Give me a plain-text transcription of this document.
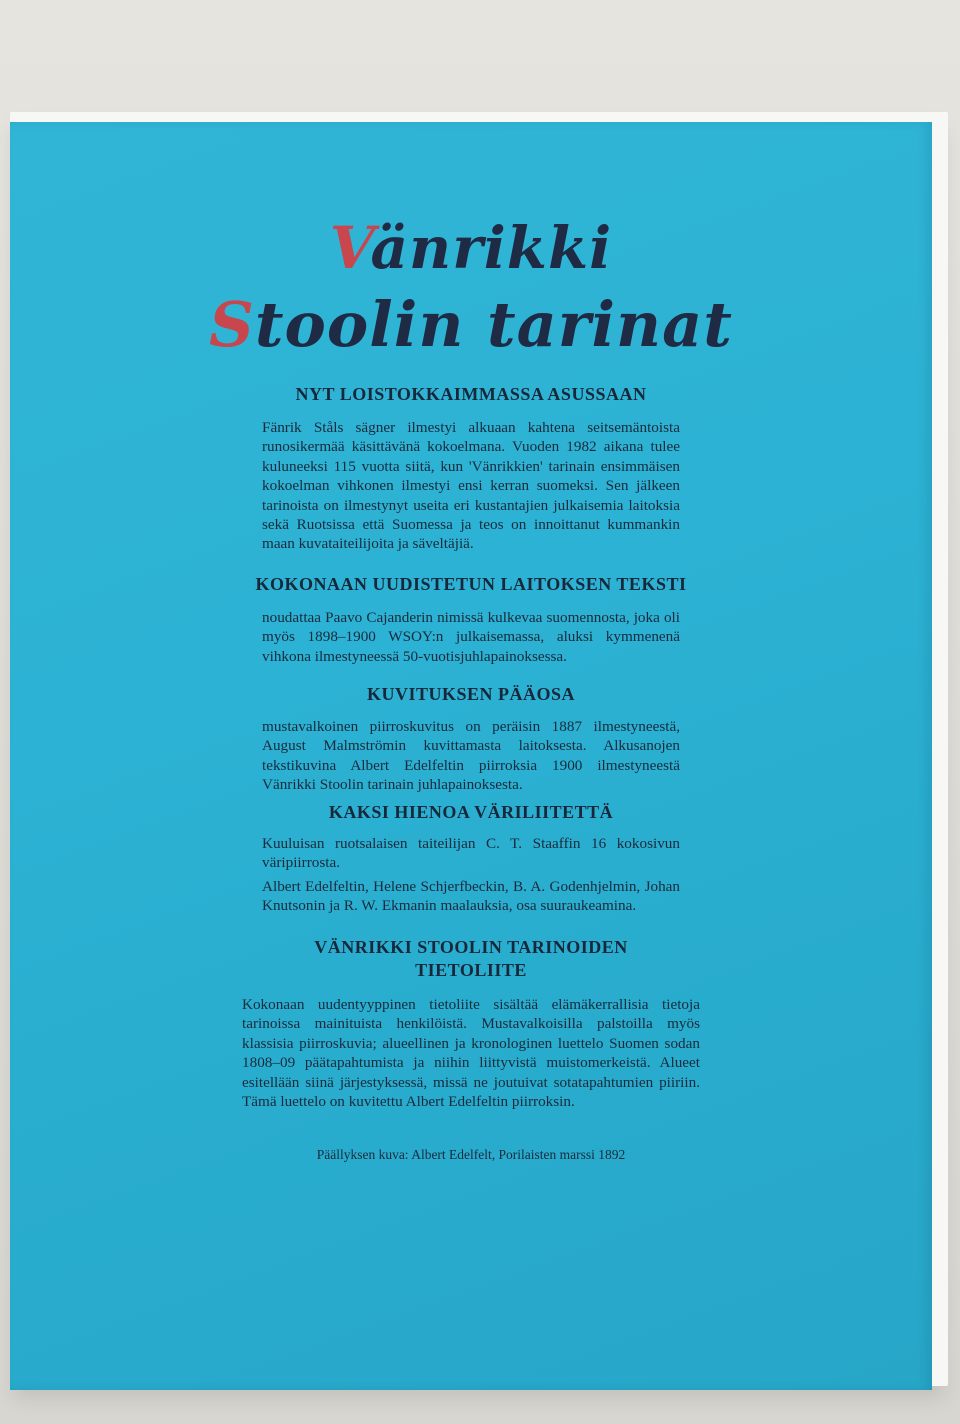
Vänrikki
Stoolin tarinat
NYT LOISTOKKAIMMASSA ASUSSAAN

Fänrik Ståls sägner ilmestyi alkuaan kahtena seitsemäntoista runosikermää käsittävänä kokoelmana. Vuoden 1982 aikana tulee kuluneeksi 115 vuotta siitä, kun 'Vänrikkien' tarinain ensimmäisen kokoelman vihkonen ilmestyi ensi kerran suomeksi. Sen jälkeen tarinoista on ilmestynyt useita eri kustantajien julkaisemia laitoksia sekä Ruotsissa että Suomessa ja teos on innoittanut kummankin maan kuvataiteilijoita ja säveltäjiä.

KOKONAAN UUDISTETUN LAITOKSEN TEKSTI

noudattaa Paavo Cajanderin nimissä kulkevaa suomennosta, joka oli myös 1898–1900 WSOY:n julkaisemassa, aluksi kymmenenä vihkona ilmestyneessä 50-vuotisjuhlapainoksessa.

KUVITUKSEN PÄÄOSA

mustavalkoinen piirroskuvitus on peräisin 1887 ilmestyneestä, August Malmströmin kuvittamasta laitoksesta. Alkusanojen tekstikuvina Albert Edelfeltin piirroksia 1900 ilmestyneestä Vänrikki Stoolin tarinain juhlapainoksesta.

KAKSI HIENOA VÄRILIITETTÄ

Kuuluisan ruotsalaisen taiteilijan C. T. Staaffin 16 kokosivun väripiirrosta.

Albert Edelfeltin, Helene Schjerfbeckin, B. A. Godenhjelmin, Johan Knutsonin ja R. W. Ekmanin maalauksia, osa suuraukeamina.

VÄNRIKKI STOOLIN TARINOIDEN
TIETOLIITE

Kokonaan uudentyyppinen tietoliite sisältää elämäkerrallisia tietoja tarinoissa mainituista henkilöistä. Mustavalkoisilla palstoilla myös klassisia piirroskuvia; alueellinen ja kronologinen luettelo Suomen sodan 1808–09 päätapahtumista ja niihin liittyvistä muistomerkeistä. Alueet esitellään siinä järjestyksessä, missä ne joutuivat sotatapahtumien piiriin. Tämä luettelo on kuvitettu Albert Edelfeltin piirroksin.

Päällyksen kuva: Albert Edelfelt, Porilaisten marssi 1892
